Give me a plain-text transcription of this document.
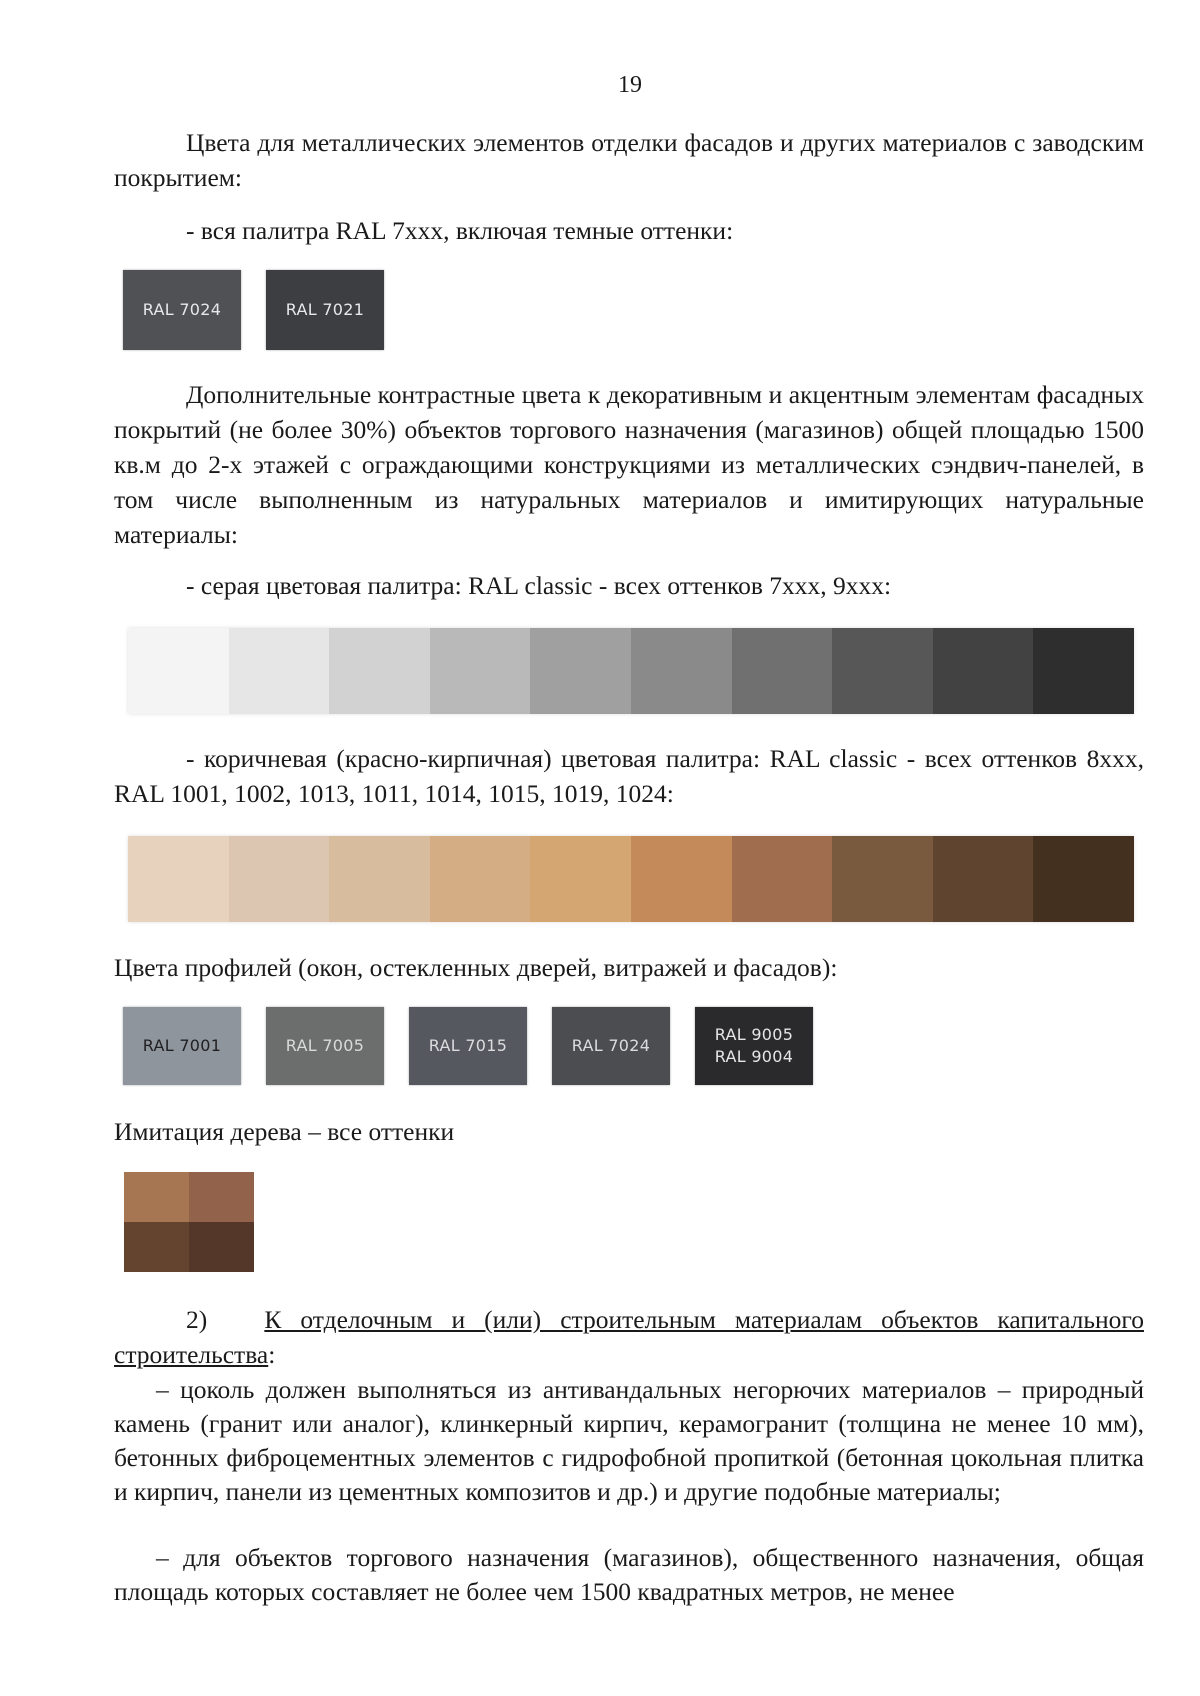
19

Цвета для металлических элементов отделки фасадов и других материалов с заводским покрытием:

- вся палитра RAL 7xxx, включая темные оттенки:

RAL 7024	RAL 7021

Дополнительные контрастные цвета к декоративным и акцентным элементам фасадных покрытий (не более 30%) объектов торгового назначения (магазинов) общей площадью 1500 кв.м до 2-х этажей с ограждающими конструкциями из металлических сэндвич-панелей, в том числе выполненным из натуральных материалов и имитирующих натуральные материалы:

- серая цветовая палитра: RAL classic - всех оттенков 7xxx, 9xxx:

- коричневая (красно-кирпичная) цветовая палитра: RAL classic - всех оттенков 8xxx, RAL 1001, 1002, 1013, 1011, 1014, 1015, 1019, 1024:

Цвета профилей (окон, остекленных дверей, витражей и фасадов):

RAL 7001	RAL 7005	RAL 7015	RAL 7024
RAL 9005
RAL 9004

Имитация дерева – все оттенки

2) К отделочным и (или) строительным материалам объектов капитального строительства:

– цоколь должен выполняться из антивандальных негорючих материалов – природный камень (гранит или аналог), клинкерный кирпич, керамогранит (толщина не менее 10 мм), бетонных фиброцементных элементов с гидрофобной пропиткой (бетонная цокольная плитка и кирпич, панели из цементных композитов и др.) и другие подобные материалы;

– для объектов торгового назначения (магазинов), общественного назначения, общая площадь которых составляет не более чем 1500 квадратных метров, не менее
